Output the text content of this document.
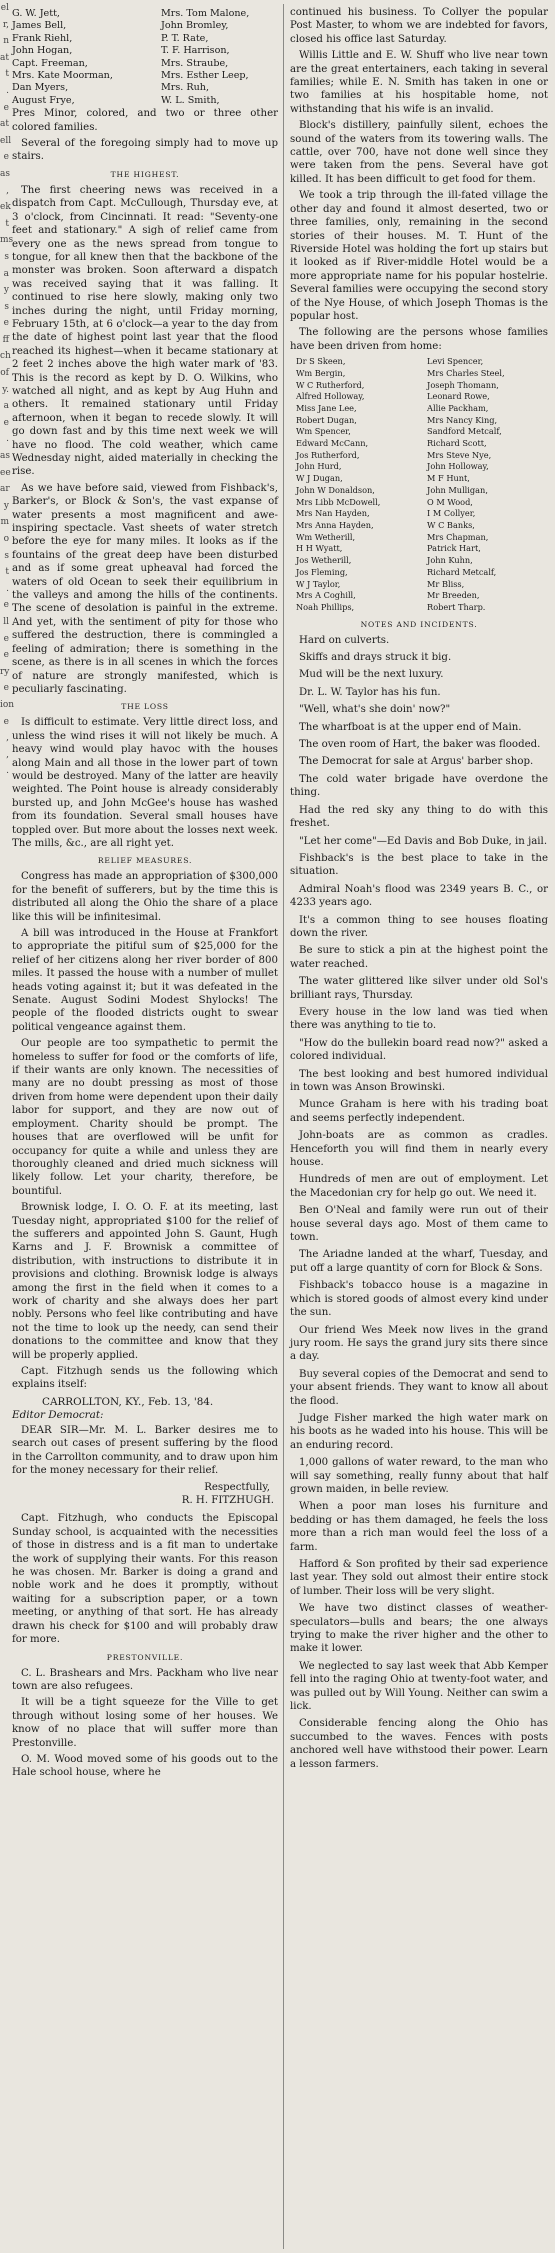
el
r,
n
at
t
.
e
at
ell
e
as
,
ek
t
ms
s
a
y
s
e
ff
ch
of
y.
a
e
.
as
ee
ar
y
m
o
s
t
.
e
ll
e
e
ry
e
ion
e
,
,
.
G. W. Jett,
James Bell,
Frank Riehl,
John Hogan,
Capt. Freeman,
Mrs. Kate Moorman,
Dan Myers,
August Frye,
Mrs. Tom Malone,
John Bromley,
P. T. Rate,
T. F. Harrison,
Mrs. Straube,
Mrs. Esther Leep,
Mrs. Ruh,
W. L. Smith,

Pres Minor, colored, and two or three other colored families.

Several of the foregoing simply had to move up stairs.

THE HIGHEST.

The first cheering news was received in a dispatch from Capt. McCullough, Thursday eve, at 3 o'clock, from Cincinnati. It read: "Seventy-one feet and stationary." A sigh of relief came from every one as the news spread from tongue to tongue, for all knew then that the backbone of the monster was broken. Soon afterward a dispatch was received saying that it was falling. It continued to rise here slowly, making only two inches during the night, until Friday morning, February 15th, at 6 o'clock—a year to the day from the date of highest point last year that the flood reached its highest—when it became stationary at 2 feet 2 inches above the high water mark of '83. This is the record as kept by D. O. Wilkins, who watched all night, and as kept by Aug Huhn and others. It remained stationary until Friday afternoon, when it began to recede slowly. It will go down fast and by this time next week we will have no flood. The cold weather, which came Wednesday night, aided materially in checking the rise.

As we have before said, viewed from Fishback's, Barker's, or Block & Son's, the vast expanse of water presents a most magnificent and awe-inspiring spectacle. Vast sheets of water stretch before the eye for many miles. It looks as if the fountains of the great deep have been disturbed and as if some great upheaval had forced the waters of old Ocean to seek their equilibrium in the valleys and among the hills of the continents. The scene of desolation is painful in the extreme. And yet, with the sentiment of pity for those who suffered the destruction, there is commingled a feeling of admiration; there is something in the scene, as there is in all scenes in which the forces of nature are strongly manifested, which is peculiarly fascinating.

THE LOSS

Is difficult to estimate. Very little direct loss, and unless the wind rises it will not likely be much. A heavy wind would play havoc with the houses along Main and all those in the lower part of town would be destroyed. Many of the latter are heavily weighted. The Point house is already considerably bursted up, and John McGee's house has washed from its foundation. Several small houses have toppled over. But more about the losses next week. The mills, &c., are all right yet.

RELIEF MEASURES.

Congress has made an appropriation of $300,000 for the benefit of sufferers, but by the time this is distributed all along the Ohio the share of a place like this will be infinitesimal.

A bill was introduced in the House at Frankfort to appropriate the pitiful sum of $25,000 for the relief of her citizens along her river border of 800 miles. It passed the house with a number of mullet heads voting against it; but it was defeated in the Senate. August Sodini Modest Shylocks! The people of the flooded districts ought to swear political vengeance against them.

Our people are too sympathetic to permit the homeless to suffer for food or the comforts of life, if their wants are only known. The necessities of many are no doubt pressing as most of those driven from home were dependent upon their daily labor for support, and they are now out of employment. Charity should be prompt. The houses that are overflowed will be unfit for occupancy for quite a while and unless they are thoroughly cleaned and dried much sickness will likely follow. Let your charity, therefore, be bountiful.

Brownisk lodge, I. O. O. F. at its meeting, last Tuesday night, appropriated $100 for the relief of the sufferers and appointed John S. Gaunt, Hugh Karns and J. F. Brownisk a committee of distribution, with instructions to distribute it in provisions and clothing. Brownisk lodge is always among the first in the field when it comes to a work of charity and she always does her part nobly. Persons who feel like contributing and have not the time to look up the needy, can send their donations to the committee and know that they will be properly applied.

Capt. Fitzhugh sends us the following which explains itself:

CARROLLTON, KY., Feb. 13, '84.
Editor Democrat:

DEAR SIR—Mr. M. L. Barker desires me to search out cases of present suffering by the flood in the Carrollton community, and to draw upon him for the money necessary for their relief.

Respectfully,
R. H. FITZHUGH.

Capt. Fitzhugh, who conducts the Episcopal Sunday school, is acquainted with the necessities of those in distress and is a fit man to undertake the work of supplying their wants. For this reason he was chosen. Mr. Barker is doing a grand and noble work and he does it promptly, without waiting for a subscription paper, or a town meeting, or anything of that sort. He has already drawn his check for $100 and will probably draw for more.

PRESTONVILLE.

C. L. Brashears and Mrs. Packham who live near town are also refugees.

It will be a tight squeeze for the Ville to get through without losing some of her houses. We know of no place that will suffer more than Prestonville.

O. M. Wood moved some of his goods out to the Hale school house, where he

continued his business. To Collyer the popular Post Master, to whom we are indebted for favors, closed his office last Saturday.

Willis Little and E. W. Shuff who live near town are the great entertainers, each taking in several families; while E. N. Smith has taken in one or two families at his hospitable home, not withstanding that his wife is an invalid.

Block's distillery, painfully silent, echoes the sound of the waters from its towering walls. The cattle, over 700, have not done well since they were taken from the pens. Several have got killed. It has been difficult to get food for them.

We took a trip through the ill-fated village the other day and found it almost deserted, two or three families, only, remaining in the second stories of their houses. M. T. Hunt of the Riverside Hotel was holding the fort up stairs but it looked as if River-middle Hotel would be a more appropriate name for his popular hostelrie. Several families were occupying the second story of the Nye House, of which Joseph Thomas is the popular host.

The following are the persons whose families have been driven from home:

Dr S Skeen,
Wm Bergin,
W C Rutherford,
Alfred Holloway,
Miss Jane Lee,
Robert Dugan,
Wm Spencer,
Edward McCann,
Jos Rutherford,
John Hurd,
W J Dugan,
John W Donaldson,
Mrs Libb McDowell,
Mrs Nan Hayden,
Mrs Anna Hayden,
Wm Wetherill,
H H Wyatt,
Jos Wetherill,
Jos Fleming,
W J Taylor,
Mrs A Coghill,
Noah Phillips,
Levi Spencer,
Mrs Charles Steel,
Joseph Thomann,
Leonard Rowe,
Allie Packham,
Mrs Nancy King,
Sandford Metcalf,
Richard Scott,
Mrs Steve Nye,
John Holloway,
M F Hunt,
John Mulligan,
O M Wood,
I M Collyer,
W C Banks,
Mrs Chapman,
Patrick Hart,
John Kuhn,
Richard Metcalf,
Mr Bliss,
Mr Breeden,
Robert Tharp.
NOTES AND INCIDENTS.

Hard on culverts.

Skiffs and drays struck it big.

Mud will be the next luxury.

Dr. L. W. Taylor has his fun.

"Well, what's she doin' now?"

The wharfboat is at the upper end of Main.

The oven room of Hart, the baker was flooded.

The Democrat for sale at Argus' barber shop.

The cold water brigade have overdone the thing.

Had the red sky any thing to do with this freshet.

"Let her come"—Ed Davis and Bob Duke, in jail.

Fishback's is the best place to take in the situation.

Admiral Noah's flood was 2349 years B. C., or 4233 years ago.

It's a common thing to see houses floating down the river.

Be sure to stick a pin at the highest point the water reached.

The water glittered like silver under old Sol's brilliant rays, Thursday.

Every house in the low land was tied when there was anything to tie to.

"How do the bullekin board read now?" asked a colored individual.

The best looking and best humored individual in town was Anson Browinski.

Munce Graham is here with his trading boat and seems perfectly independent.

John-boats are as common as cradles. Henceforth you will find them in nearly every house.

Hundreds of men are out of employment. Let the Macedonian cry for help go out. We need it.

Ben O'Neal and family were run out of their house several days ago. Most of them came to town.

The Ariadne landed at the wharf, Tuesday, and put off a large quantity of corn for Block & Sons.

Fishback's tobacco house is a magazine in which is stored goods of almost every kind under the sun.

Our friend Wes Meek now lives in the grand jury room. He says the grand jury sits there since a day.

Buy several copies of the Democrat and send to your absent friends. They want to know all about the flood.

Judge Fisher marked the high water mark on his boots as he waded into his house. This will be an enduring record.

1,000 gallons of water reward, to the man who will say something, really funny about that half grown maiden, in belle review.

When a poor man loses his furniture and bedding or has them damaged, he feels the loss more than a rich man would feel the loss of a farm.

Hafford & Son profited by their sad experience last year. They sold out almost their entire stock of lumber. Their loss will be very slight.

We have two distinct classes of weather-speculators—bulls and bears; the one always trying to make the river higher and the other to make it lower.

We neglected to say last week that Abb Kemper fell into the raging Ohio at twenty-foot water, and was pulled out by Will Young. Neither can swim a lick.

Considerable fencing along the Ohio has succumbed to the waves. Fences with posts anchored well have withstood their power. Learn a lesson farmers.
